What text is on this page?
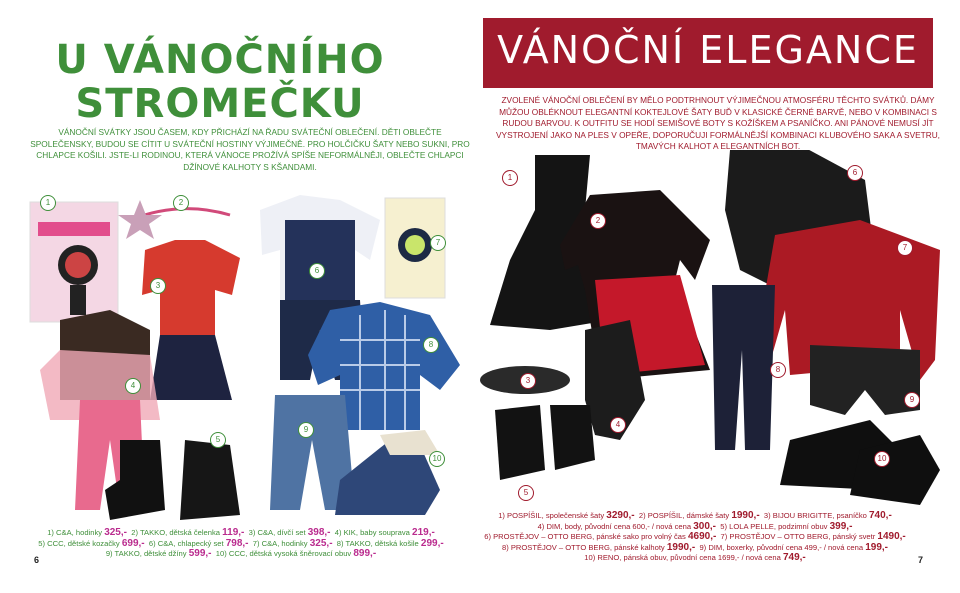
U VÁNOČNÍHO
STROMEČKU
VÁNOČNÍ SVÁTKY JSOU ČASEM, KDY PŘICHÁZÍ NA ŘADU SVÁTEČNÍ OBLEČENÍ. DĚTI OBLEČTE SPOLEČENSKY, BUDOU SE CÍTIT U SVÁTEČNÍ HOSTINY VÝJIMEČNĚ. PRO HOLČIČKU ŠATY NEBO SUKNI, PRO CHLAPCE KOŠILI. JSTE-LI RODINOU, KTERÁ VÁNOCE PROŽÍVÁ SPÍŠE NEFORMÁLNĚJI, OBLEČTE CHLAPCI DŽÍNOVÉ KALHOTY S KŠANDAMI.
1	2
3
4
5
6
7
8
9
10
1) C&A, hodinky 325,- 2) TAKKO, dětská čelenka 119,- 3) C&A, dívčí set 398,- 4) KIK, baby souprava 219,-
5) CCC, dětské kozačky 699,- 6) C&A, chlapecký set 798,- 7) C&A, hodinky 325,- 8) TAKKO, dětská košile 299,-
9) TAKKO, dětské džíny 599,- 10) CCC, dětská vysoká šněrovací obuv 899,-
6
VÁNOČNÍ ELEGANCE
ZVOLENÉ VÁNOČNÍ OBLEČENÍ BY MĚLO PODTRHNOUT VÝJIMEČNOU ATMOSFÉRU TĚCHTO SVÁTKŮ. DÁMY MŮŽOU OBLÉKNOUT ELEGANTNÍ KOKTEJLOVÉ ŠATY BUĎ V KLASICKÉ ČERNÉ BARVĚ, NEBO V KOMBINACI S RUDOU BARVOU. K OUTFITU SE HODÍ SEMIŠOVÉ BOTY S KOŽÍŠKEM A PSANÍČKO. ANI PÁNOVÉ NEMUSÍ JÍT VYSTROJENÍ JAKO NA PLES V OPEŘE, DOPORUČUJI FORMÁLNĚJŠÍ KOMBINACI KLUBOVÉHO SAKA A SVETRU, TMAVÝCH KALHOT A ELEGANTNÍCH BOT.
1
2
3
4
5
6
7
8
9
10
1) POSPÍŠIL, společenské šaty 3290,- 2) POSPÍŠIL, dámské šaty 1990,- 3) BIJOU BRIGITTE, psaníčko 740,-
4) DIM, body, původní cena 600,- / nová cena 300,- 5) LOLA PELLE, podzimní obuv 399,-
6) PROSTĚJOV – OTTO BERG, pánské sako pro volný čas 4690,- 7) PROSTĚJOV – OTTO BERG, pánský svetr 1490,-
8) PROSTĚJOV – OTTO BERG, pánské kalhoty 1990,- 9) DIM, boxerky, původní cena 499,- / nová cena 199,-
10) RENO, pánská obuv, původní cena 1699,- / nová cena 749,-	7
